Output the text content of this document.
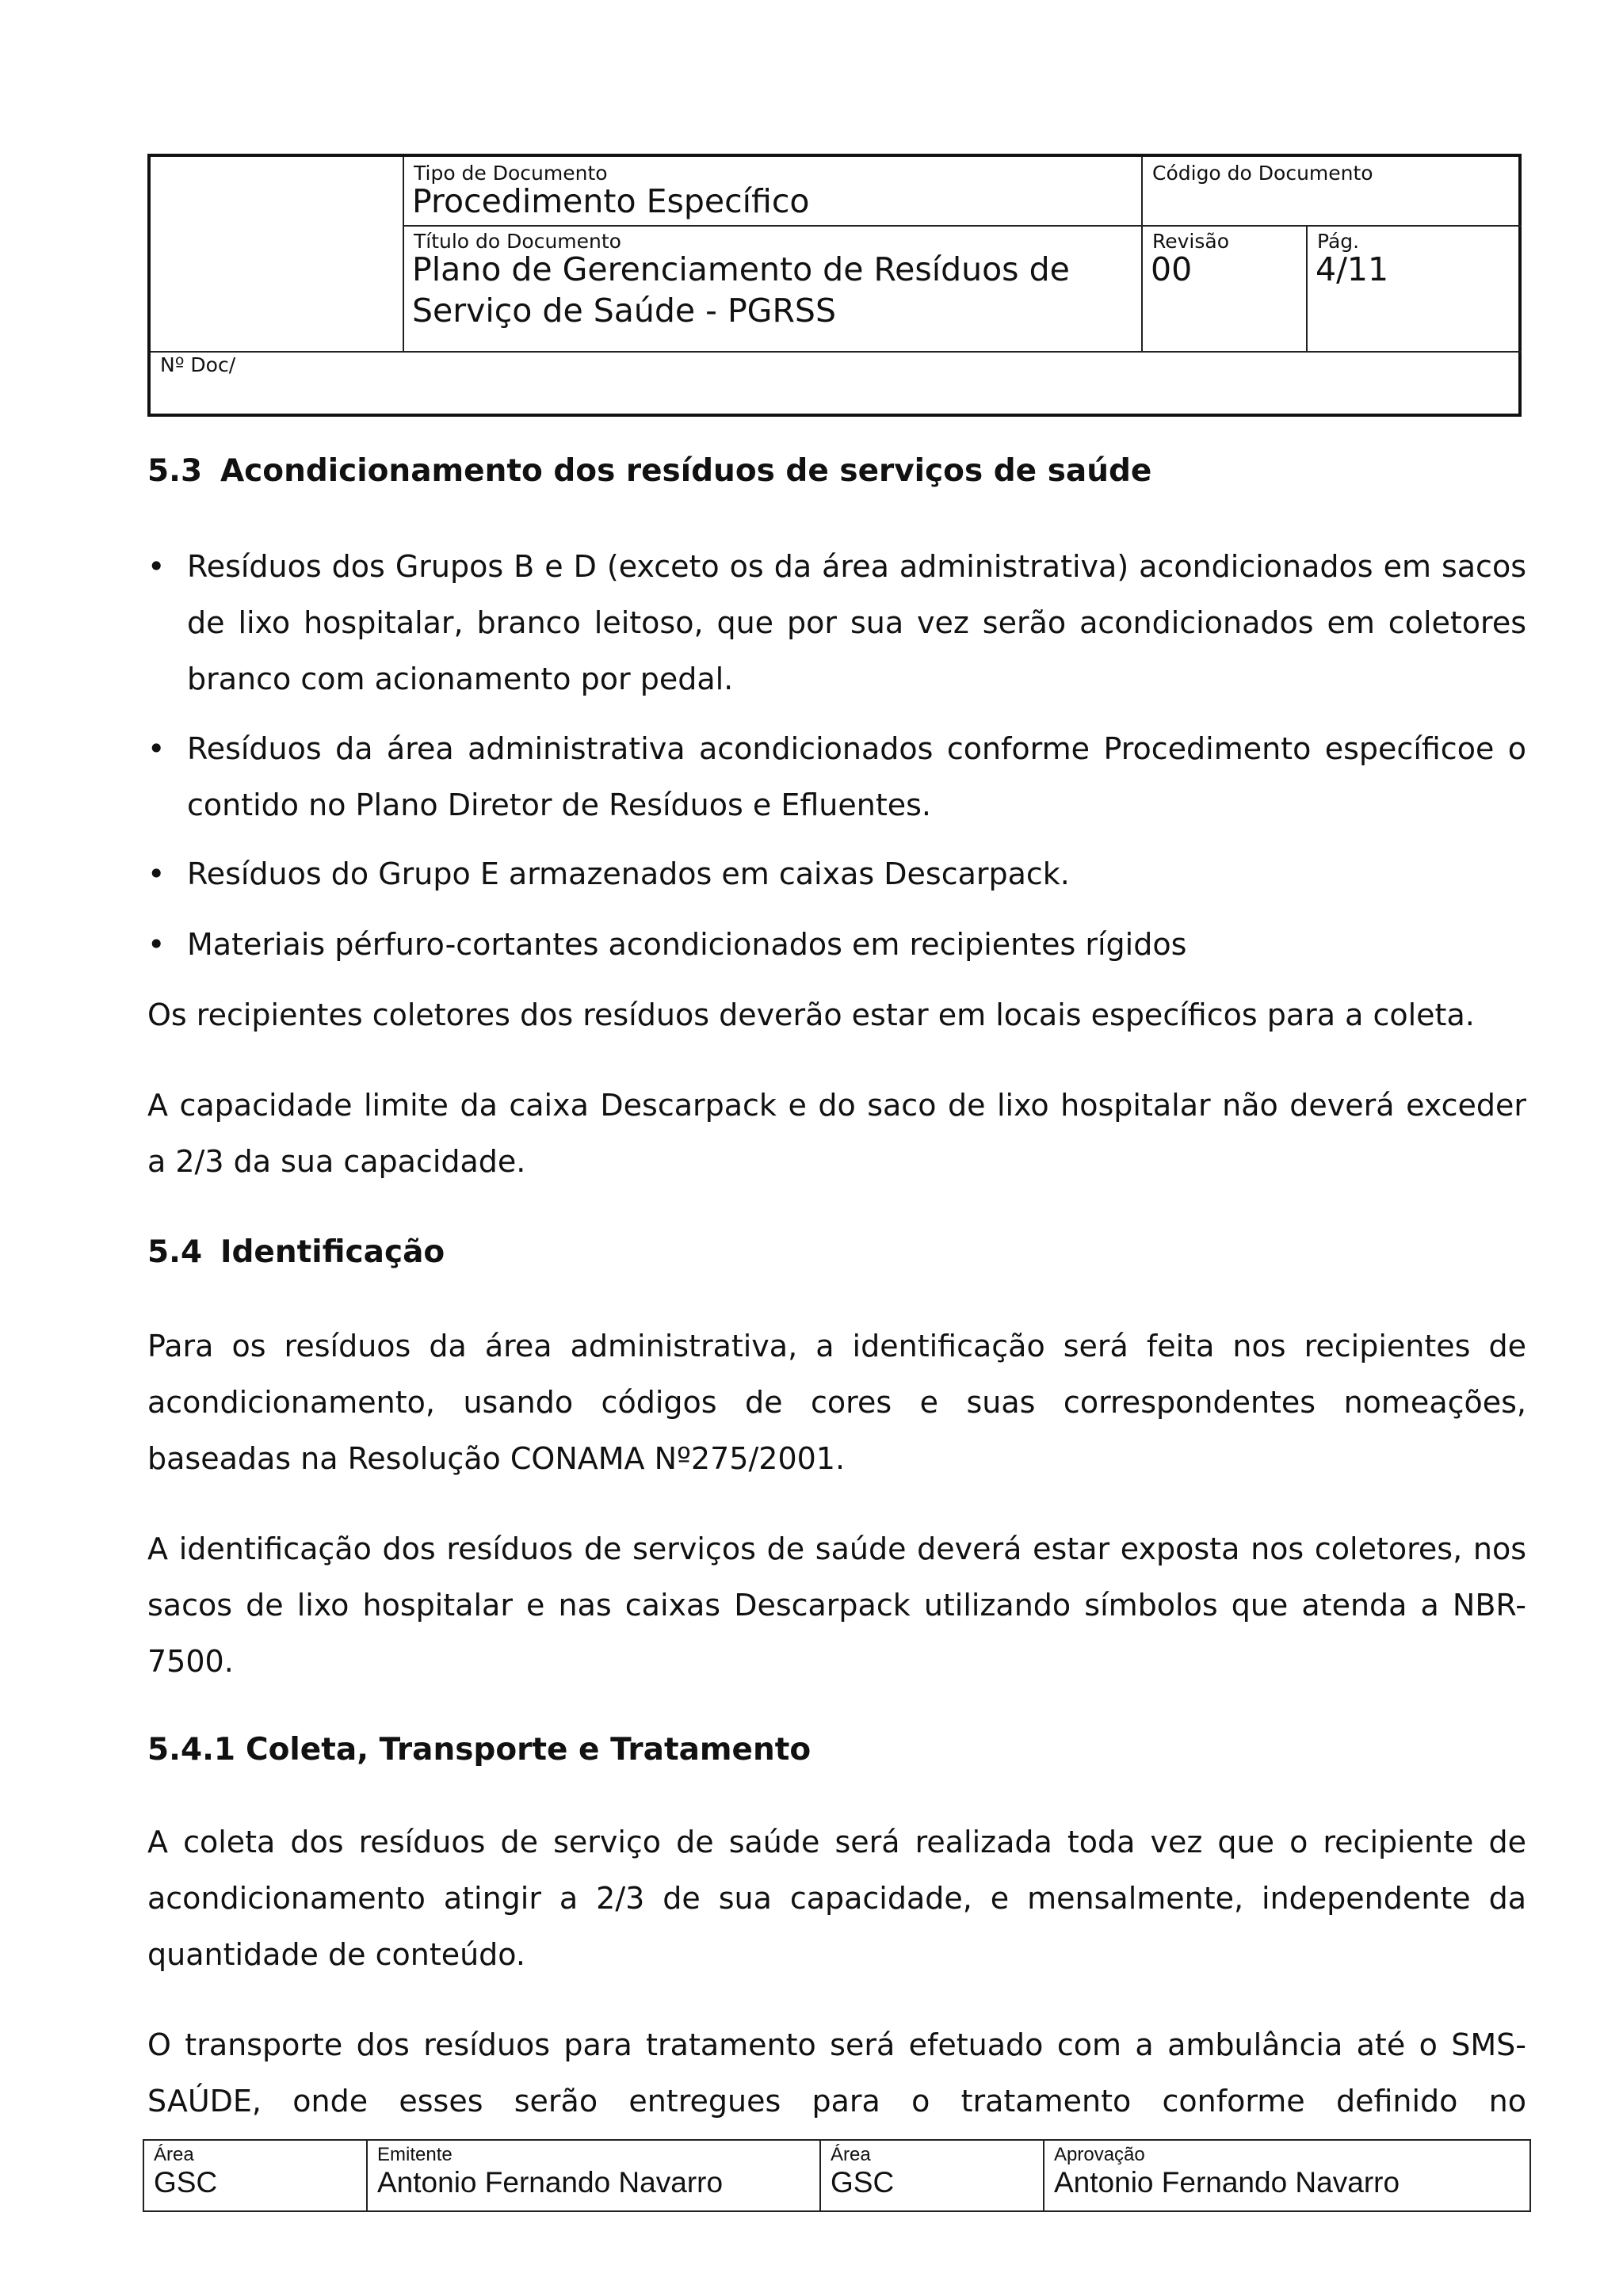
Tipo de Documento
Procedimento Específico
Código do Documento
Título do Documento
Plano de Gerenciamento de Resíduos de
Serviço de Saúde - PGRSS
Revisão
00
Pág.
4/11
Nº Doc/
5.3 Acondicionamento dos resíduos de serviços de saúde
• Resíduos dos Grupos B e D (exceto os da área administrativa) acondicionados em sacos de lixo hospitalar, branco leitoso, que por sua vez serão acondicionados em coletores branco com acionamento por pedal.
• Resíduos da área administrativa acondicionados conforme Procedimento específicoe o contido no Plano Diretor de Resíduos e Efluentes.
• Resíduos do Grupo E armazenados em caixas Descarpack.
• Materiais pérfuro-cortantes acondicionados em recipientes rígidos
Os recipientes coletores dos resíduos deverão estar em locais específicos para a coleta.
A capacidade limite da caixa Descarpack e do saco de lixo hospitalar não deverá exceder a 2/3 da sua capacidade.
5.4 Identificação
Para os resíduos da área administrativa, a identificação será feita nos recipientes de acondicionamento, usando códigos de cores e suas correspondentes nomeações, baseadas na Resolução CONAMA Nº275/2001.
A identificação dos resíduos de serviços de saúde deverá estar exposta nos coletores, nos sacos de lixo hospitalar e nas caixas Descarpack utilizando símbolos que atenda a NBR-7500.
5.4.1 Coleta, Transporte e Tratamento
A coleta dos resíduos de serviço de saúde será realizada toda vez que o recipiente de acondicionamento atingir a 2/3 de sua capacidade, e mensalmente, independente da quantidade de conteúdo.
O transporte dos resíduos para tratamento será efetuado com a ambulância até o SMS-
SAÚDE, onde esses serão entregues para o tratamento conforme definido no
Área
GSC
Emitente
Antonio Fernando Navarro
Área
GSC
Aprovação
Antonio Fernando Navarro
